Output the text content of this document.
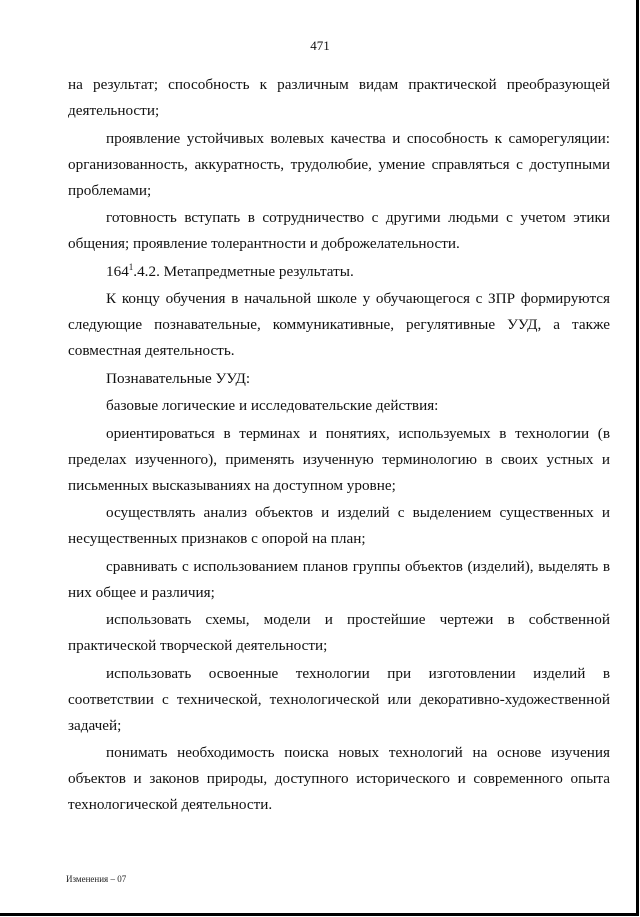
471

на результат; способность к различным видам практической преобразующей деятельности;

проявление устойчивых волевых качества и способность к саморегуляции: организованность, аккуратность, трудолюбие, умение справляться с доступными проблемами;

готовность вступать в сотрудничество с другими людьми с учетом этики общения; проявление толерантности и доброжелательности.

$164^1.4.2$. Метапредметные результаты.

К концу обучения в начальной школе у обучающегося с ЗПР формируются следующие познавательные, коммуникативные, регулятивные УУД, а также совместная деятельность.

Познавательные УУД:

базовые логические и исследовательские действия:

ориентироваться в терминах и понятиях, используемых в технологии (в пределах изученного), применять изученную терминологию в своих устных и письменных высказываниях на доступном уровне;

осуществлять анализ объектов и изделий с выделением существенных и несущественных признаков с опорой на план;

сравнивать с использованием планов группы объектов (изделий), выделять в них общее и различия;

использовать схемы, модели и простейшие чертежи в собственной практической творческой деятельности;

использовать освоенные технологии при изготовлении изделий в соответствии с технической, технологической или декоративно-художественной задачей;

понимать необходимость поиска новых технологий на основе изучения объектов и законов природы, доступного исторического и современного опыта технологической деятельности.

Изменения – 07
